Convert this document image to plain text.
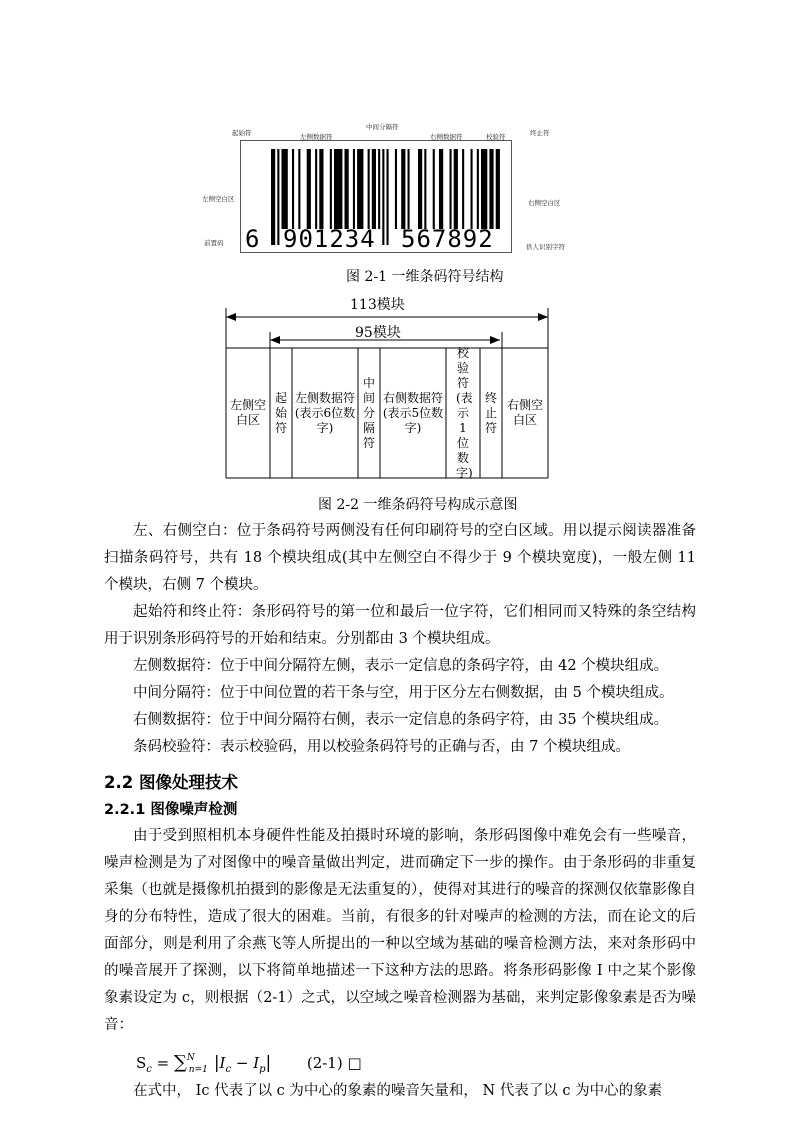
起始符	左侧数据符
中间分隔符
右侧数据符	校验符	终止符
左侧空白区
前置码
右侧空白区
供人识别字符
6 901234 567892
图 2-1 一维条码符号结构
113模块
95模块
左侧空白区
起始符
左侧数据符(表示6位数字)
中间分隔符
右侧数据符(表示5位数字)
校验符(表示1位数字)
终止符
右侧空白区
图 2-2 一维条码符号构成示意图
左、右侧空白：位于条码符号两侧没有任何印刷符号的空白区域。用以提示阅读器准备扫描条码符号，共有 18 个模块组成(其中左侧空白不得少于 9 个模块宽度)，一般左侧 11 个模块，右侧 7 个模块。
起始符和终止符：条形码符号的第一位和最后一位字符，它们相同而又特殊的条空结构用于识别条形码符号的开始和结束。分别都由 3 个模块组成。
左侧数据符：位于中间分隔符左侧，表示一定信息的条码字符，由 42 个模块组成。
中间分隔符：位于中间位置的若干条与空，用于区分左右侧数据，由 5 个模块组成。
右侧数据符：位于中间分隔符右侧，表示一定信息的条码字符，由 35 个模块组成。
条码校验符：表示校验码，用以校验条码符号的正确与否，由 7 个模块组成。
2.2 图像处理技术
2.2.1 图像噪声检测
由于受到照相机本身硬件性能及拍摄时环境的影响，条形码图像中难免会有一些噪音，噪声检测是为了对图像中的噪音量做出判定，进而确定下一步的操作。由于条形码的非重复采集（也就是摄像机拍摄到的影像是无法重复的），使得对其进行的噪音的探测仅依靠影像自身的分布特性，造成了很大的困难。当前，有很多的针对噪声的检测的方法，而在论文的后面部分，则是利用了余燕飞等人所提出的一种以空域为基础的噪音检测方法，来对条形码中的噪音展开了探测，以下将简单地描述一下这种方法的思路。将条形码影像 I 中之某个影像象素设定为 c，则根据（2-1）之式，以空域之噪音检测器为基础，来判定影像象素是否为噪音：
$S_c = \sum^N_{n=1}$ $|I_c - I_p|$ (2-1) □
在式中， Ic 代表了以 c 为中心的象素的噪音矢量和， N 代表了以 c 为中心的象素
